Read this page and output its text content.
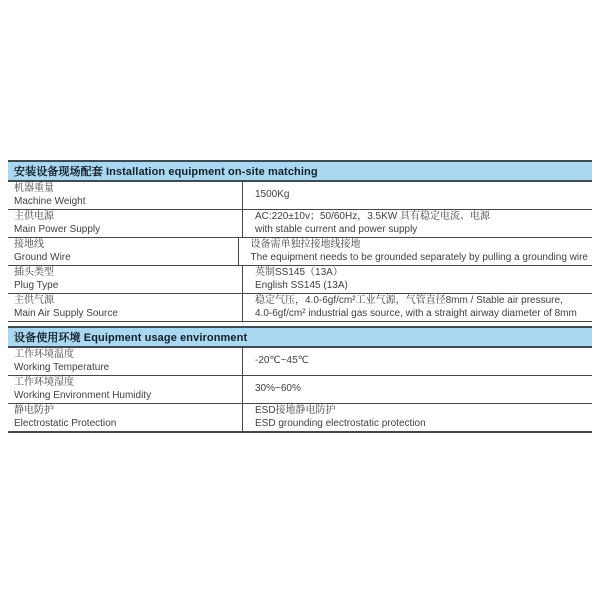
安装设备现场配套 Installation equipment on-site matching
机器重量
Machine Weight
1500Kg
主供电源
Main Power Supply
AC:220±10v；50/60Hz，3.5KW 具有稳定电流、电源
with stable current and power supply
接地线
Ground Wire
设备需单独拉接地线接地
The equipment needs to be grounded separately by pulling a grounding wire
插头类型
Plug Type
英制SS145（13A）
English SS145 (13A)
主供气源
Main Air Supply Source
稳定气压，4.0-6gf/cm²工业气源，气管直径8mm / Stable air pressure,
4.0-6gf/cm² industrial gas source, with a straight airway diameter of 8mm
设备使用环境 Equipment usage environment
工作环境温度
Working Temperature
-20℃~45℃
工作环境湿度
Working Environment Humidity
30%~60%
静电防护
Electrostatic Protection
ESD接地静电防护
ESD grounding electrostatic protection
